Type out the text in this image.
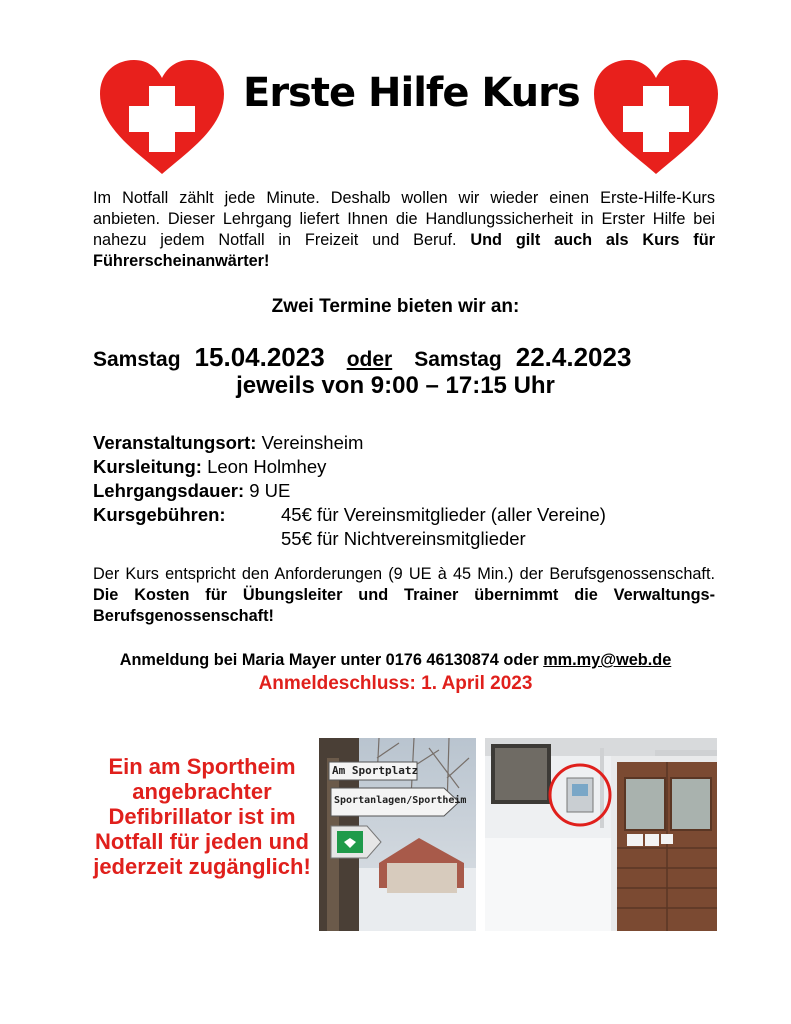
Erste Hilfe Kurs

Im Notfall zählt jede Minute. Deshalb wollen wir wieder einen Erste-Hilfe-Kurs anbieten. Dieser Lehrgang liefert Ihnen die Handlungssicherheit in Erster Hilfe bei nahezu jedem Notfall in Freizeit und Beruf. Und gilt auch als Kurs für Führerscheinanwärter!

Zwei Termine bieten wir an:
Samstag 15.04.2023 oder Samstag 22.4.2023
jeweils von 9:00 – 17:15 Uhr
Veranstaltungsort: Vereinsheim
Kursleitung: Leon Holmhey
Lehrgangsdauer: 9 UE
Kursgebühren:	45€ für Vereinsmitglieder (aller Vereine)
55€ für Nichtvereinsmitglieder

Der Kurs entspricht den Anforderungen (9 UE à 45 Min.) der Berufsgenossenschaft. Die Kosten für Übungsleiter und Trainer übernimmt die Verwaltungs-Berufsgenossenschaft!

Anmeldung bei Maria Mayer unter 0176 46130874 oder mm.my@web.de
Anmeldeschluss: 1. April 2023
Ein am Sportheim angebrachter Defibrillator ist im Notfall für jeden und jederzeit zugänglich!
Am Sportplatz
Sportanlagen/Sportheim
